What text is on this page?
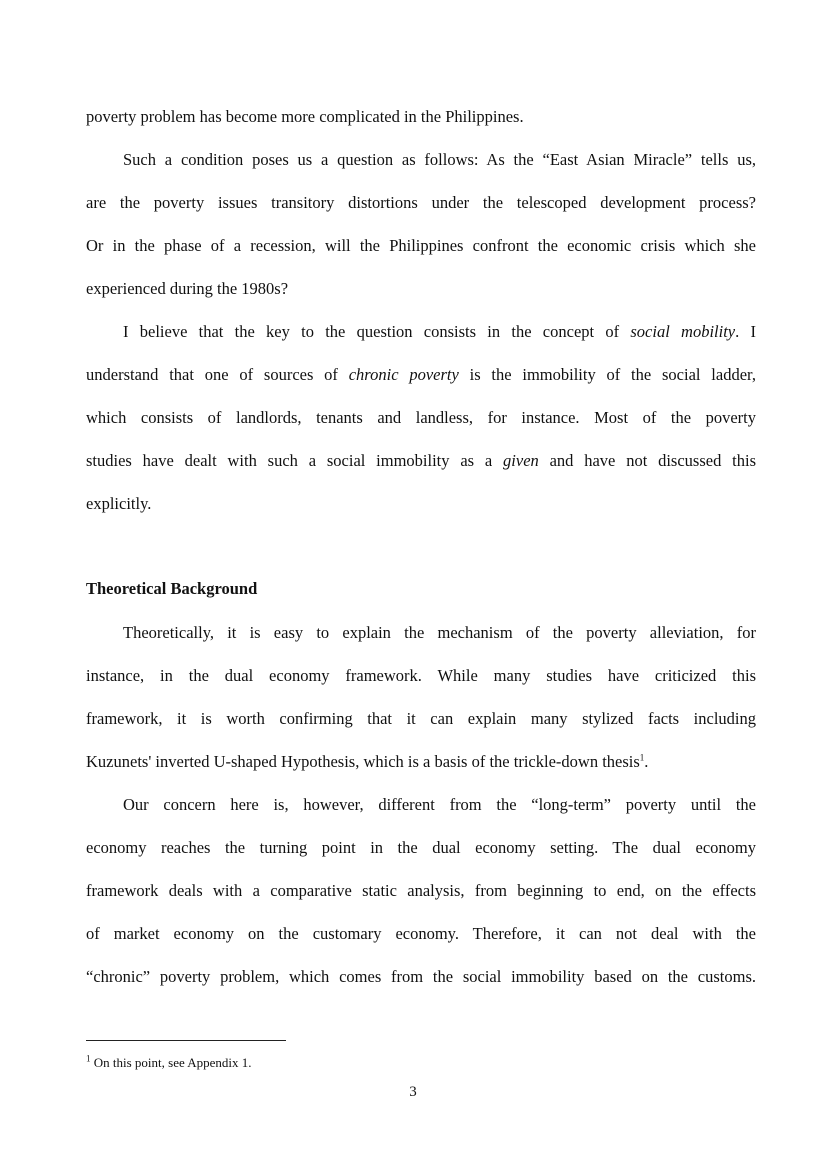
poverty problem has become more complicated in the Philippines.
Such a condition poses us a question as follows: As the “East Asian Miracle” tells us,
are the poverty issues transitory distortions under the telescoped development process?
Or in the phase of a recession, will the Philippines confront the economic crisis which she
experienced during the 1980s?
I believe that the key to the question consists in the concept of social mobility. I
understand that one of sources of chronic poverty is the immobility of the social ladder,
which consists of landlords, tenants and landless, for instance. Most of the poverty
studies have dealt with such a social immobility as a given and have not discussed this
explicitly.
Theoretical Background
Theoretically, it is easy to explain the mechanism of the poverty alleviation, for
instance, in the dual economy framework. While many studies have criticized this
framework, it is worth confirming that it can explain many stylized facts including
Kuzunets' inverted U-shaped Hypothesis, which is a basis of the trickle-down thesis$^1$.
Our concern here is, however, different from the “long-term” poverty until the
economy reaches the turning point in the dual economy setting. The dual economy
framework deals with a comparative static analysis, from beginning to end, on the effects
of market economy on the customary economy. Therefore, it can not deal with the
“chronic” poverty problem, which comes from the social immobility based on the customs.
$^1$ On this point, see Appendix 1.
3
